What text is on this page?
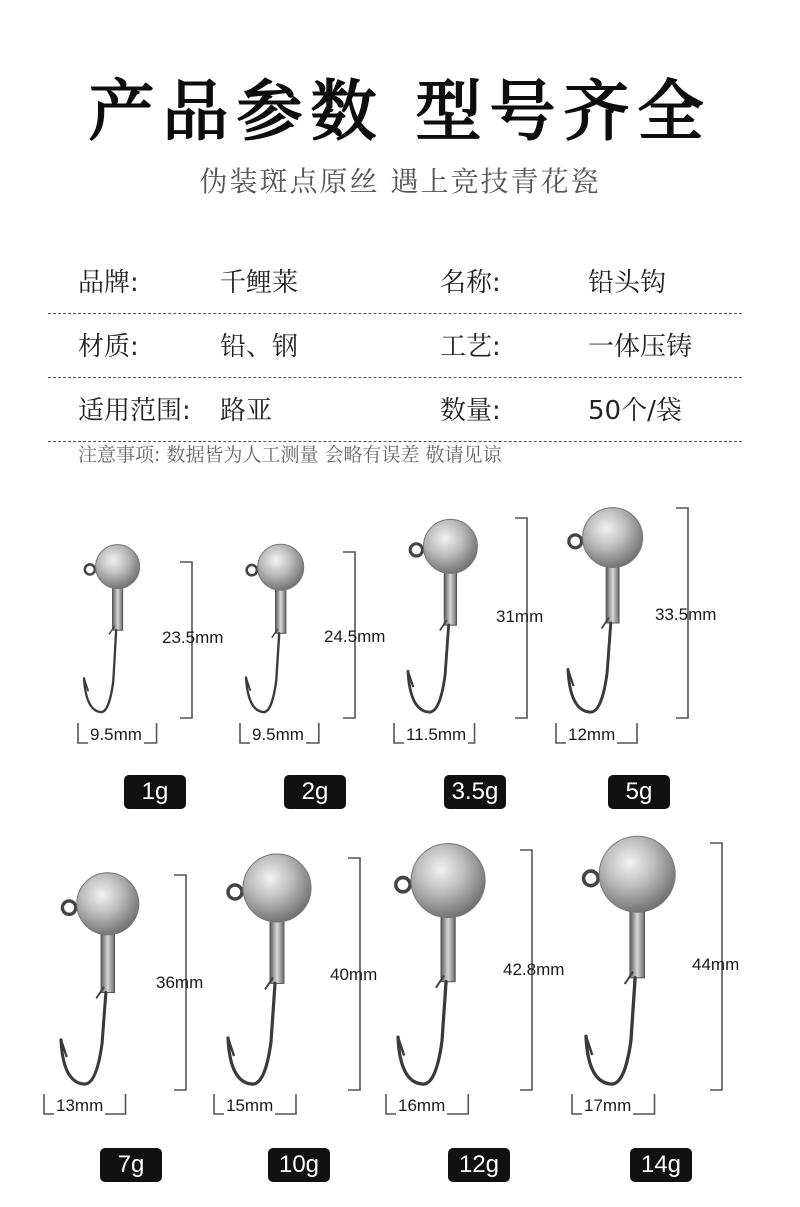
产品参数 型号齐全
伪装斑点原丝 遇上竞技青花瓷
品牌:	千鲤莱	名称:	铅头钩
材质:	铅、钢	工艺:	一体压铸
适用范围: 路亚	数量:	50个/袋
注意事项: 数据皆为人工测量 会略有误差 敬请见谅
23.5mm
9.5mm
1g
24.5mm
9.5mm
2g
31mm
11.5mm
3.5g
33.5mm
12mm
5g
36mm
13mm
7g
40mm
15mm
10g
42.8mm
16mm
12g
44mm
17mm
14g
